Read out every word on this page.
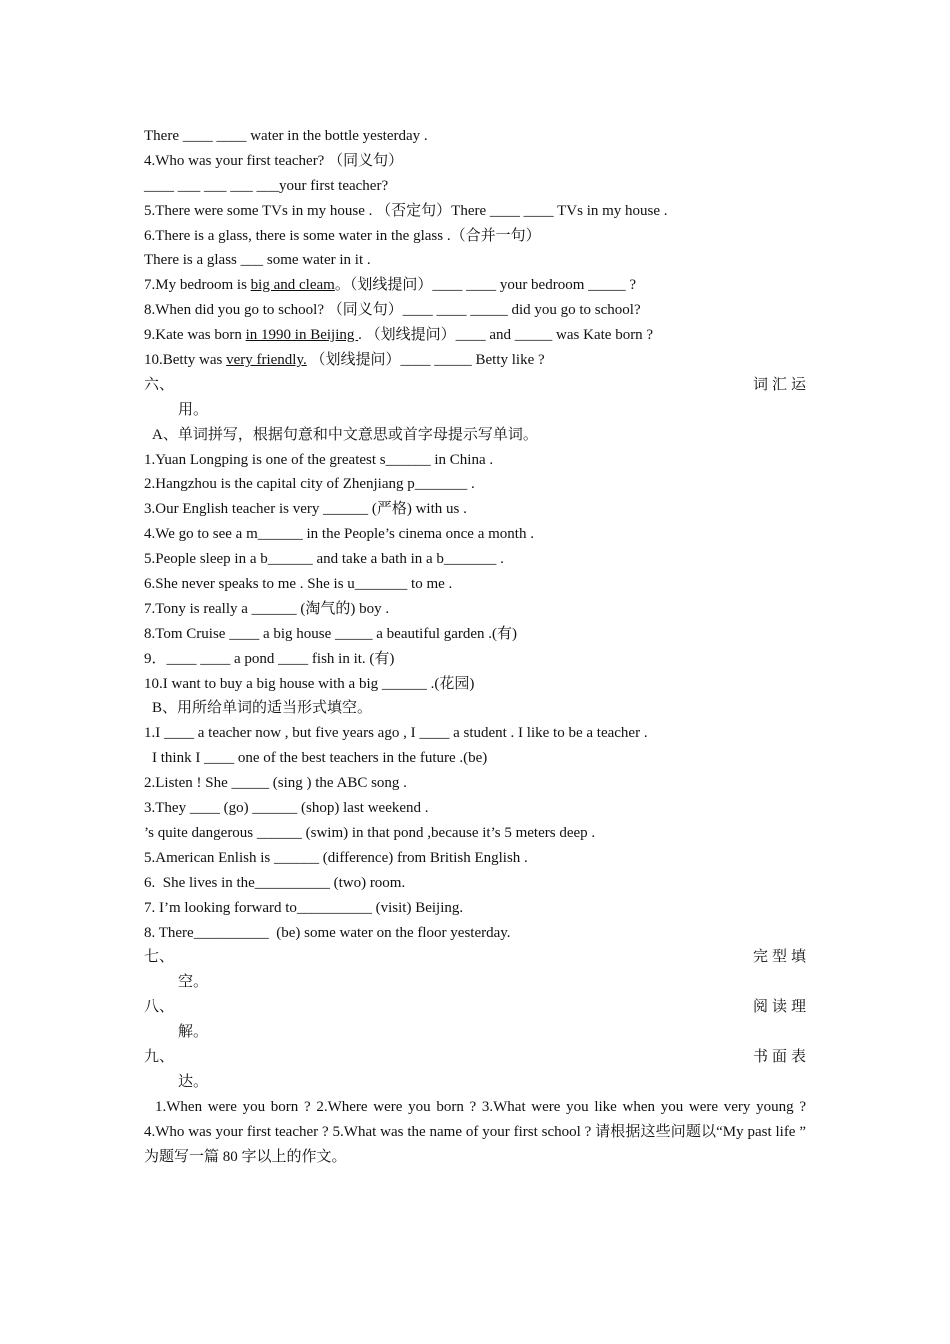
There ____ ____ water in the bottle yesterday .
4.Who was your first teacher? （同义句）
____ ___ ___ ___ ___your first teacher?
5.There were some TVs in my house . （否定句）There ____ ____ TVs in my house .
6.There is a glass, there is some water in the glass .（合并一句）
There is a glass ___ some water in it .
7.My bedroom is big and cleam。（划线提问）____ ____ your bedroom _____ ?
8.When did you go to school? （同义句）____ ____ _____ did you go to school?
9.Kate was born in 1990 in Beijing . （划线提问）____ and _____ was Kate born ?
10.Betty was very friendly. （划线提问）____ _____ Betty like ?
六、	词汇运
用。
A、单词拼写，根据句意和中文意思或首字母提示写单词。
1.Yuan Longping is one of the greatest s______ in China .
2.Hangzhou is the capital city of Zhenjiang p_______ .
3.Our English teacher is very ______ (严格) with us .
4.We go to see a m______ in the People’s cinema once a month .
5.People sleep in a b______ and take a bath in a b_______ .
6.She never speaks to me . She is u_______ to me .
7.Tony is really a ______ (淘气的) boy .
8.Tom Cruise ____ a big house _____ a beautiful garden .(有)
9．____ ____ a pond ____ fish in it. (有)
10.I want to buy a big house with a big ______ .(花园)
B、用所给单词的适当形式填空。
1.I ____ a teacher now , but five years ago , I ____ a student . I like to be a teacher .
I think I ____ one of the best teachers in the future .(be)
2.Listen ! She _____ (sing ) the ABC song .
3.They ____ (go) ______ (shop) last weekend .
’s quite dangerous ______ (swim) in that pond ,because it’s 5 meters deep .
5.American Enlish is ______ (difference) from British English .
6.  She lives in the__________ (two) room.
7. I’m looking forward to__________ (visit) Beijing.
8. There__________  (be) some water on the floor yesterday.
七、	完型填
空。
八、	阅读理
解。
九、	书面表
达。
1.When were you born ? 2.Where were you born ? 3.What were you like when you were very young ? 4.Who was your first teacher ? 5.What was the name of your first school ? 请根据这些问题以“My past life ” 为题写一篇 80 字以上的作文。
